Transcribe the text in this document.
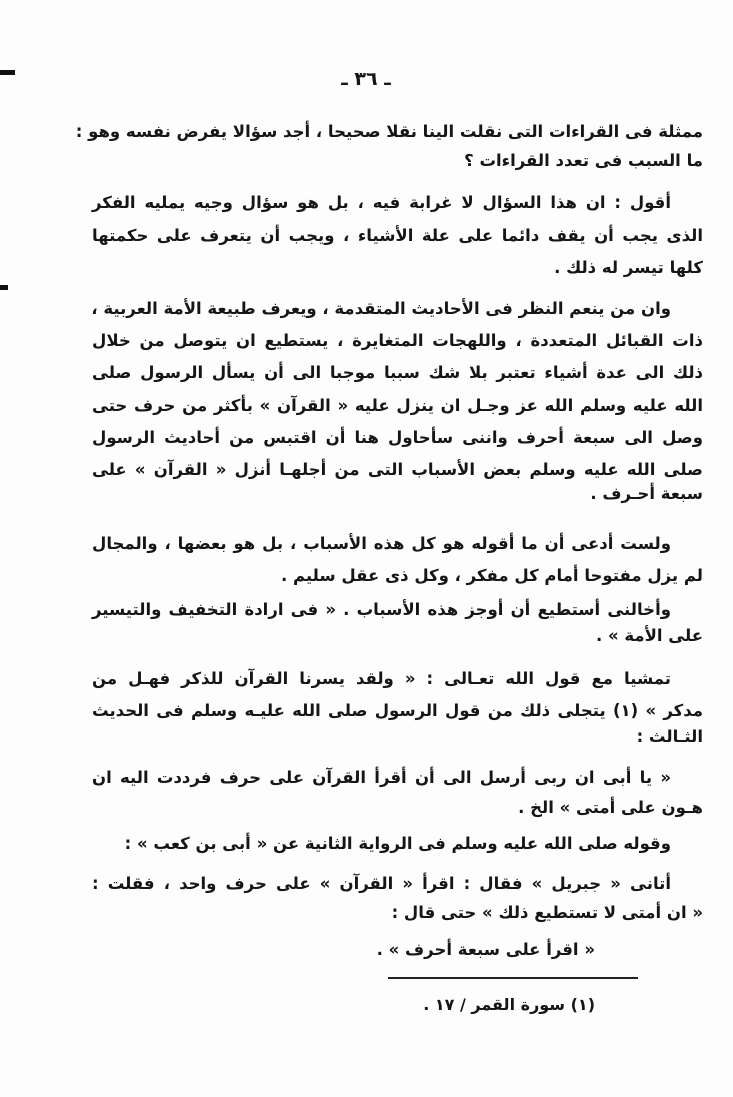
ـ ٣٦ ـ
ممثلة فى القراءات التى نقلت الينا نقلا صحيحا ، أجد سؤالا يفرض نفسه وهو :
ما السبب فى تعدد القراءات ؟
أقول : ان هذا السؤال لا غرابة فيه ، بل هو سؤال وجيه يمليه الفكر
الذى يجب أن يقف دائما على علة الأشياء ، ويجب أن يتعرف على حكمتها
كلها تيسر له ذلك .
وان من ينعم النظر فى الأحاديث المتقدمة ، ويعرف طبيعة الأمة العربية ،
ذات القبائل المتعددة ، واللهجات المتغايرة ، يستطيع ان يتوصل من خلال
ذلك الى عدة أشياء تعتبر بلا شك سببا موجبا الى أن يسأل الرسول صلى
الله عليه وسلم الله عز وجـل ان ينزل عليه « القرآن » بأكثر من حرف حتى
وصل الى سبعة أحرف واننى سأحاول هنا أن اقتبس من أحاديث الرسول
صلى الله عليه وسلم بعض الأسباب التى من أجلهـا أنزل « القرآن » على
سبعة أحـرف .
ولست أدعى أن ما أقوله هو كل هذه الأسباب ، بل هو بعضها ، والمجال
لم يزل مفتوحا أمام كل مفكر ، وكل ذى عقل سليم .
وأخالنى أستطيع أن أوجز هذه الأسباب . « فى ارادة التخفيف والتيسير
على الأمة » .
تمشيا مع قول الله تعـالى : « ولقد يسرنا القرآن للذكر فهـل من
مدكر » (١) يتجلى ذلك من قول الرسول صلى الله عليـه وسلم فى الحديث
الثـالث :
« يا أبى ان ربى أرسل الى أن أقرأ القرآن على حرف فرددت اليه ان
هـون على أمتى » الخ .
وقوله صلى الله عليه وسلم فى الرواية الثانية عن « أبى بن كعب » :
أتانى « جبريل » فقال : اقرأ « القرآن » على حرف واحد ، فقلت :
« ان أمتى لا تستطيع ذلك » حتى قال :
« اقرأ على سبعة أحرف » .
(١) سورة القمر / ١٧ .
